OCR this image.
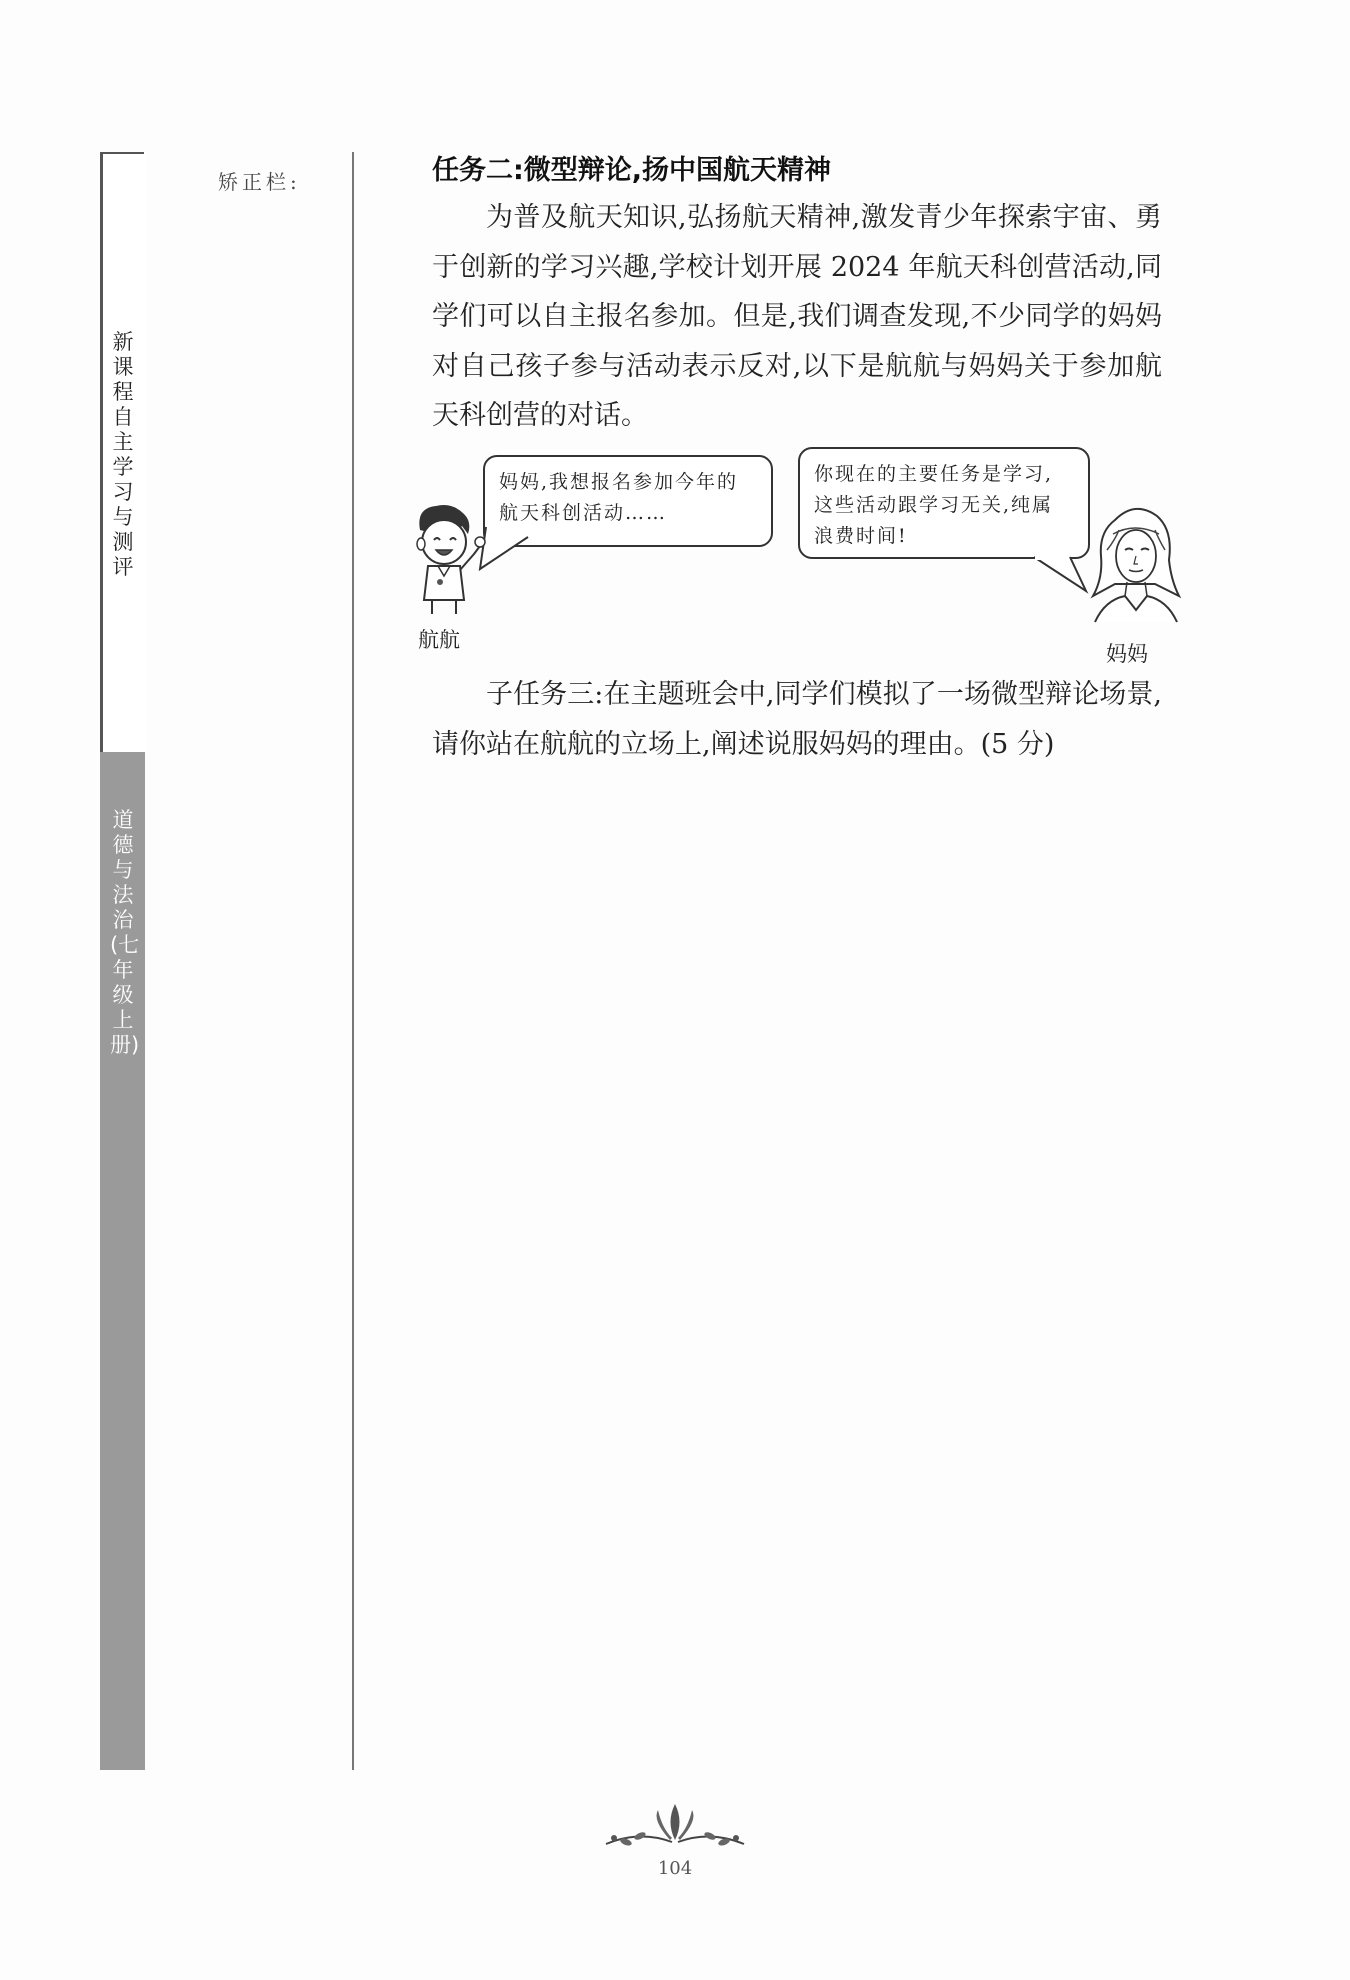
新课程自主学习与测评
道德与法治(七年级上册)
矫正栏:	任务二:微型辩论,扬中国航天精神
为普及航天知识,弘扬航天精神,激发青少年探索宇宙、勇于创新的学习兴趣,学校计划开展 2024 年航天科创营活动,同学们可以自主报名参加。但是,我们调查发现,不少同学的妈妈对自己孩子参与活动表示反对,以下是航航与妈妈关于参加航天科创营的对话。
妈妈,我想报名参加今年的航天科创活动……
你现在的主要任务是学习,这些活动跟学习无关,纯属浪费时间!
航航
妈妈
子任务三:在主题班会中,同学们模拟了一场微型辩论场景,请你站在航航的立场上,阐述说服妈妈的理由。(5 分)
104
